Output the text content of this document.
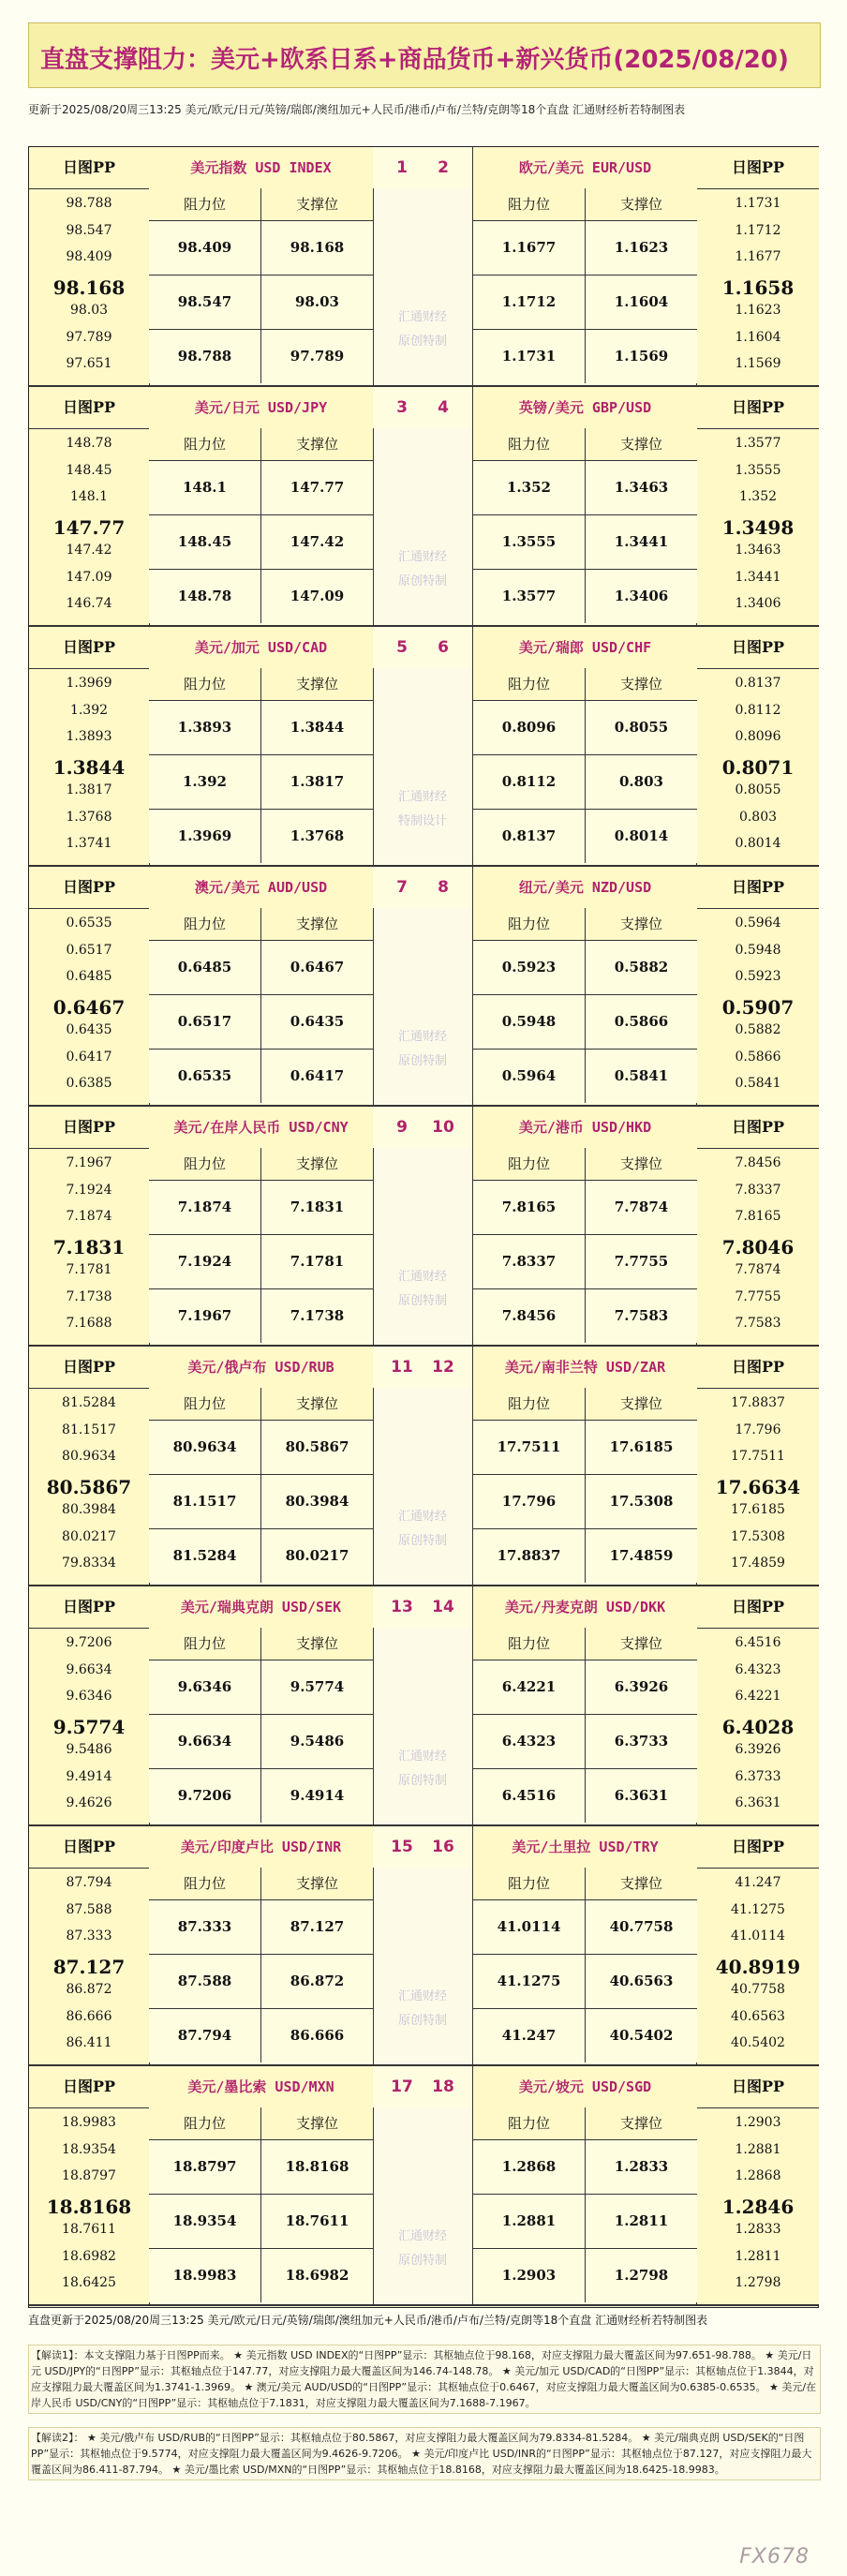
直盘支撑阻力：美元+欧系日系+商品货币+新兴货币(2025/08/20)
更新于2025/08/20周三13:25 美元/欧元/日元/英镑/瑞郎/澳纽加元+人民币/港币/卢布/兰特/克朗等18个直盘 汇通财经析若特制图表
日图PP
98.788
98.547
98.409
98.168
98.03
97.789
97.651
日图PP
1.1731
1.1712
1.1677
1.1658
1.1623
1.1604
1.1569
美元指数 USD INDEX	欧元/美元 EUR/USD
1 2
汇通财经
原创特制
阻力位	支撑位
98.409	98.168
98.547	98.03
98.788	97.789
阻力位	支撑位
1.1677	1.1623
1.1712	1.1604
1.1731	1.1569
日图PP
148.78
148.45
148.1
147.77
147.42
147.09
146.74
日图PP
1.3577
1.3555
1.352
1.3498
1.3463
1.3441
1.3406
美元/日元 USD/JPY	英镑/美元 GBP/USD
3 4
汇通财经
原创特制
阻力位	支撑位
148.1	147.77
148.45	147.42
148.78	147.09
阻力位	支撑位
1.352	1.3463
1.3555	1.3441
1.3577	1.3406
日图PP
1.3969
1.392
1.3893
1.3844
1.3817
1.3768
1.3741
日图PP
0.8137
0.8112
0.8096
0.8071
0.8055
0.803
0.8014
美元/加元 USD/CAD	美元/瑞郎 USD/CHF
5 6
汇通财经
特制设计
阻力位	支撑位
1.3893	1.3844
1.392	1.3817
1.3969	1.3768
阻力位	支撑位
0.8096	0.8055
0.8112	0.803
0.8137	0.8014
日图PP
0.6535
0.6517
0.6485
0.6467
0.6435
0.6417
0.6385
日图PP
0.5964
0.5948
0.5923
0.5907
0.5882
0.5866
0.5841
澳元/美元 AUD/USD	纽元/美元 NZD/USD
7 8
汇通财经
原创特制
阻力位	支撑位
0.6485	0.6467
0.6517	0.6435
0.6535	0.6417
阻力位	支撑位
0.5923	0.5882
0.5948	0.5866
0.5964	0.5841
日图PP
7.1967
7.1924
7.1874
7.1831
7.1781
7.1738
7.1688
日图PP
7.8456
7.8337
7.8165
7.8046
7.7874
7.7755
7.7583
美元/在岸人民币 USD/CNY	美元/港币 USD/HKD
9 10
汇通财经
原创特制
阻力位	支撑位
7.1874	7.1831
7.1924	7.1781
7.1967	7.1738
阻力位	支撑位
7.8165	7.7874
7.8337	7.7755
7.8456	7.7583
日图PP
81.5284
81.1517
80.9634
80.5867
80.3984
80.0217
79.8334
日图PP
17.8837
17.796
17.7511
17.6634
17.6185
17.5308
17.4859
美元/俄卢布 USD/RUB	美元/南非兰特 USD/ZAR
11 12
汇通财经
原创特制
阻力位	支撑位
80.9634	80.5867
81.1517	80.3984
81.5284	80.0217
阻力位	支撑位
17.7511	17.6185
17.796	17.5308
17.8837	17.4859
日图PP
9.7206
9.6634
9.6346
9.5774
9.5486
9.4914
9.4626
日图PP
6.4516
6.4323
6.4221
6.4028
6.3926
6.3733
6.3631
美元/瑞典克朗 USD/SEK	美元/丹麦克朗 USD/DKK
13 14
汇通财经
原创特制
阻力位	支撑位
9.6346	9.5774
9.6634	9.5486
9.7206	9.4914
阻力位	支撑位
6.4221	6.3926
6.4323	6.3733
6.4516	6.3631
日图PP
87.794
87.588
87.333
87.127
86.872
86.666
86.411
日图PP
41.247
41.1275
41.0114
40.8919
40.7758
40.6563
40.5402
美元/印度卢比 USD/INR	美元/土里拉 USD/TRY
15 16
汇通财经
原创特制
阻力位	支撑位
87.333	87.127
87.588	86.872
87.794	86.666
阻力位	支撑位
41.0114	40.7758
41.1275	40.6563
41.247	40.5402
日图PP
18.9983
18.9354
18.8797
18.8168
18.7611
18.6982
18.6425
日图PP
1.2903
1.2881
1.2868
1.2846
1.2833
1.2811
1.2798
美元/墨比索 USD/MXN	美元/坡元 USD/SGD
17 18
汇通财经
原创特制
阻力位	支撑位
18.8797	18.8168
18.9354	18.7611
18.9983	18.6982
阻力位	支撑位
1.2868	1.2833
1.2881	1.2811
1.2903	1.2798
直盘更新于2025/08/20周三13:25 美元/欧元/日元/英镑/瑞郎/澳纽加元+人民币/港币/卢布/兰特/克朗等18个直盘 汇通财经析若特制图表
【解读1】：本文支撑阻力基于日图PP而来。 ★ 美元指数 USD INDEX的“日图PP”显示：其枢轴点位于98.168，对应支撑阻力最大覆盖区间为97.651-98.788。 ★ 美元/日元 USD/JPY的“日图PP”显示：其枢轴点位于147.77，对应支撑阻力最大覆盖区间为146.74-148.78。 ★ 美元/加元 USD/CAD的“日图PP”显示：其枢轴点位于1.3844，对应支撑阻力最大覆盖区间为1.3741-1.3969。 ★ 澳元/美元 AUD/USD的“日图PP”显示：其枢轴点位于0.6467，对应支撑阻力最大覆盖区间为0.6385-0.6535。 ★ 美元/在岸人民币 USD/CNY的“日图PP”显示：其枢轴点位于7.1831，对应支撑阻力最大覆盖区间为7.1688-7.1967。
【解读2】： ★ 美元/俄卢布 USD/RUB的“日图PP”显示：其枢轴点位于80.5867，对应支撑阻力最大覆盖区间为79.8334-81.5284。 ★ 美元/瑞典克朗 USD/SEK的“日图PP”显示：其枢轴点位于9.5774，对应支撑阻力最大覆盖区间为9.4626-9.7206。 ★ 美元/印度卢比 USD/INR的“日图PP”显示：其枢轴点位于87.127，对应支撑阻力最大覆盖区间为86.411-87.794。 ★ 美元/墨比索 USD/MXN的“日图PP”显示：其枢轴点位于18.8168，对应支撑阻力最大覆盖区间为18.6425-18.9983。
FX678
